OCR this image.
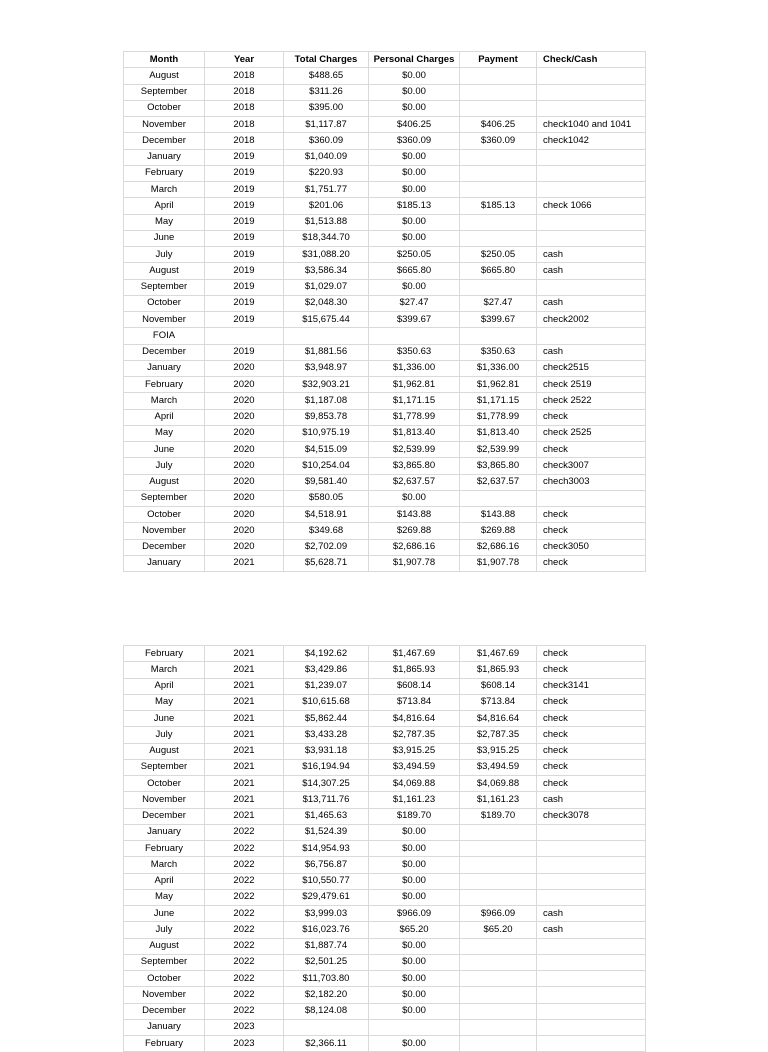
Month	Year	Total Charges	Personal Charges	Payment	Check/Cash
August	2018	$488.65	$0.00		
September	2018	$311.26	$0.00		
October	2018	$395.00	$0.00		
November	2018	$1,117.87	$406.25	$406.25	check1040 and 1041
December	2018	$360.09	$360.09	$360.09	check1042
January	2019	$1,040.09	$0.00		
February	2019	$220.93	$0.00		
March	2019	$1,751.77	$0.00		
April	2019	$201.06	$185.13	$185.13	check 1066
May	2019	$1,513.88	$0.00		
June	2019	$18,344.70	$0.00		
July	2019	$31,088.20	$250.05	$250.05	cash
August	2019	$3,586.34	$665.80	$665.80	cash
September	2019	$1,029.07	$0.00		
October	2019	$2,048.30	$27.47	$27.47	cash
November	2019	$15,675.44	$399.67	$399.67	check2002
FOIA					
December	2019	$1,881.56	$350.63	$350.63	cash
January	2020	$3,948.97	$1,336.00	$1,336.00	check2515
February	2020	$32,903.21	$1,962.81	$1,962.81	check 2519
March	2020	$1,187.08	$1,171.15	$1,171.15	check 2522
April	2020	$9,853.78	$1,778.99	$1,778.99	check
May	2020	$10,975.19	$1,813.40	$1,813.40	check 2525
June	2020	$4,515.09	$2,539.99	$2,539.99	check
July	2020	$10,254.04	$3,865.80	$3,865.80	check3007
August	2020	$9,581.40	$2,637.57	$2,637.57	chech3003
September	2020	$580.05	$0.00		
October	2020	$4,518.91	$143.88	$143.88	check
November	2020	$349.68	$269.88	$269.88	check
December	2020	$2,702.09	$2,686.16	$2,686.16	check3050
January	2021	$5,628.71	$1,907.78	$1,907.78	check
February	2021	$4,192.62	$1,467.69	$1,467.69	check
March	2021	$3,429.86	$1,865.93	$1,865.93	check
April	2021	$1,239.07	$608.14	$608.14	check3141
May	2021	$10,615.68	$713.84	$713.84	check
June	2021	$5,862.44	$4,816.64	$4,816.64	check
July	2021	$3,433.28	$2,787.35	$2,787.35	check
August	2021	$3,931.18	$3,915.25	$3,915.25	check
September	2021	$16,194.94	$3,494.59	$3,494.59	check
October	2021	$14,307.25	$4,069.88	$4,069.88	check
November	2021	$13,711.76	$1,161.23	$1,161.23	cash
December	2021	$1,465.63	$189.70	$189.70	check3078
January	2022	$1,524.39	$0.00		
February	2022	$14,954.93	$0.00		
March	2022	$6,756.87	$0.00		
April	2022	$10,550.77	$0.00		
May	2022	$29,479.61	$0.00		
June	2022	$3,999.03	$966.09	$966.09	cash
July	2022	$16,023.76	$65.20	$65.20	cash
August	2022	$1,887.74	$0.00		
September	2022	$2,501.25	$0.00		
October	2022	$11,703.80	$0.00		
November	2022	$2,182.20	$0.00		
December	2022	$8,124.08	$0.00		
January	2023				
February	2023	$2,366.11	$0.00		
